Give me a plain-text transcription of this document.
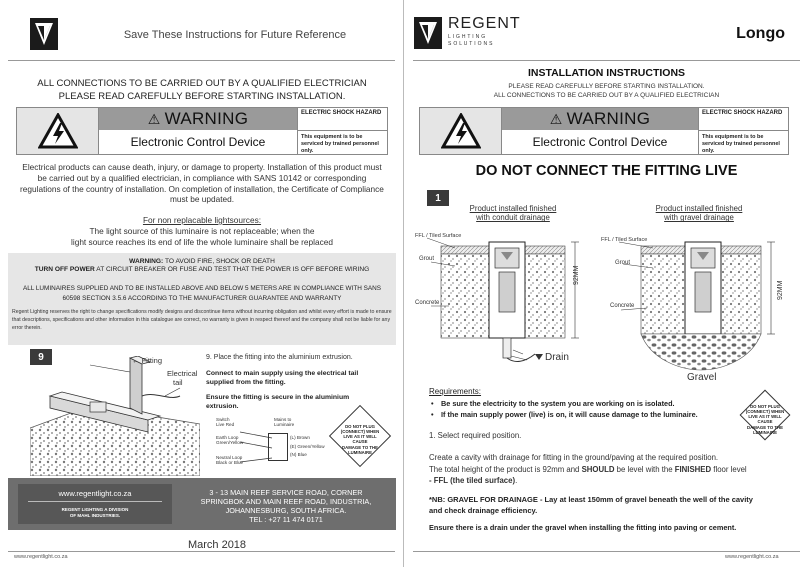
Save These Instructions for Future Reference
ALL CONNECTIONS TO BE CARRIED OUT BY A QUALIFIED ELECTRICIAN
PLEASE READ CAREFULLY BEFORE STARTING INSTALLATION.
⚠ WARNING
Electronic Control Device
ELECTRIC SHOCK HAZARD
This equipment is to be serviced by trained personnel only.
Electrical products can cause death, injury, or damage to property. Installation of this product must be carried out by a qualified electrician, in compliance with SANS 10142 or corresponding regulations of the country of installation. On completion of installation, the Certificate of Compliance must be updated.
For non replacable lightsources:
The light source of this luminaire is not replaceable; when the
light source reaches its end of life the whole luminaire shall be replaced
WARNING: TO AVOID FIRE, SHOCK OR DEATH
TURN OFF POWER AT CIRCUIT BREAKER OR FUSE AND TEST THAT THE POWER IS OFF BEFORE WIRING
ALL LUMINAIRES SUPPLIED AND TO BE INSTALLED ABOVE AND BELOW 5 METERS ARE IN COMPLIANCE WITH SANS
60598 SECTION 3.5.6 ACCORDING TO THE MANUFACTURER GUARANTEE AND WARRANTY
Regent Lighting reserves the right to change specifications modify designs and discontinue items without incurring obligation and whilst every effort is made to ensure that descriptions, specifications and other information in this catalogue are correct, no warranty is given in respect thereof and the company shall not be liable for any error therein.
9	← Fitting
Electrical
tail
9. Place the fitting into the aluminium extrusion.
Connect to main supply using the electrical tail
supplied from the fitting.
Ensure the fitting is secure in the aluminium
extrusion.
Switch
Live Red
Mains to
Luminaire
Earth Loop
Green/Yellow
Neutral Loop
Black or Blue
(L) Brown
(E) Green/Yellow
(N) Blue
DO NOT PLUG
(CONNECT) WHEN
LIVE AS IT WILL CAUSE
DAMAGE TO THE
LUMINAIRE
www.regentlight.co.za
REGENT LIGHTING A DIVISION
OF MAHL INDUSTRIES.
3 - 13 MAIN REEF SERVICE ROAD, CORNER
SPRINGBOK AND MAIN REEF ROAD, INDUSTRIA,
JOHANNESBURG, SOUTH AFRICA.
TEL : +27 11 474 0171
March 2018
www.regentlight.co.za
REGENT
L I G H T I N G
S O L U T I O N S
Longo
INSTALLATION INSTRUCTIONS
PLEASE READ CAREFULLY BEFORE STARTING INSTALLATION.
ALL CONNECTIONS TO BE CARRIED OUT BY A QUALIFIED ELECTRICIAN
⚠ WARNING
Electronic Control Device
ELECTRIC SHOCK HAZARD
This equipment is to be serviced by trained personnel only.
DO NOT CONNECT THE FITTING LIVE
1
Product installed finished
with conduit drainage
Product installed finished
with gravel drainage
FFL / Tiled Surface
Grout
Concrete
92MM
Drain
FFL / Tiled Surface
Grout
Concrete
92MM
Gravel
Requirements:
• Be sure the electricity to the system you are working on is isolated.
• If the main supply power (live) is on, it will cause damage to the luminaire.
DO NOT PLUG
(CONNECT) WHEN
LIVE AS IT WILL CAUSE
DAMAGE TO THE
LUMINAIRE
1. Select required position.
Create a cavity with drainage for fitting in the ground/paving at the required position.
The total height of the product is 92mm and SHOULD be level with the FINISHED floor level
- FFL (the tiled surface).
*NB: GRAVEL FOR DRAINAGE - Lay at least 150mm of gravel beneath the well of the cavity
and check drainage efficiency.
Ensure there is a drain under the gravel when installing the fitting into paving or cement.
www.regentlight.co.za
